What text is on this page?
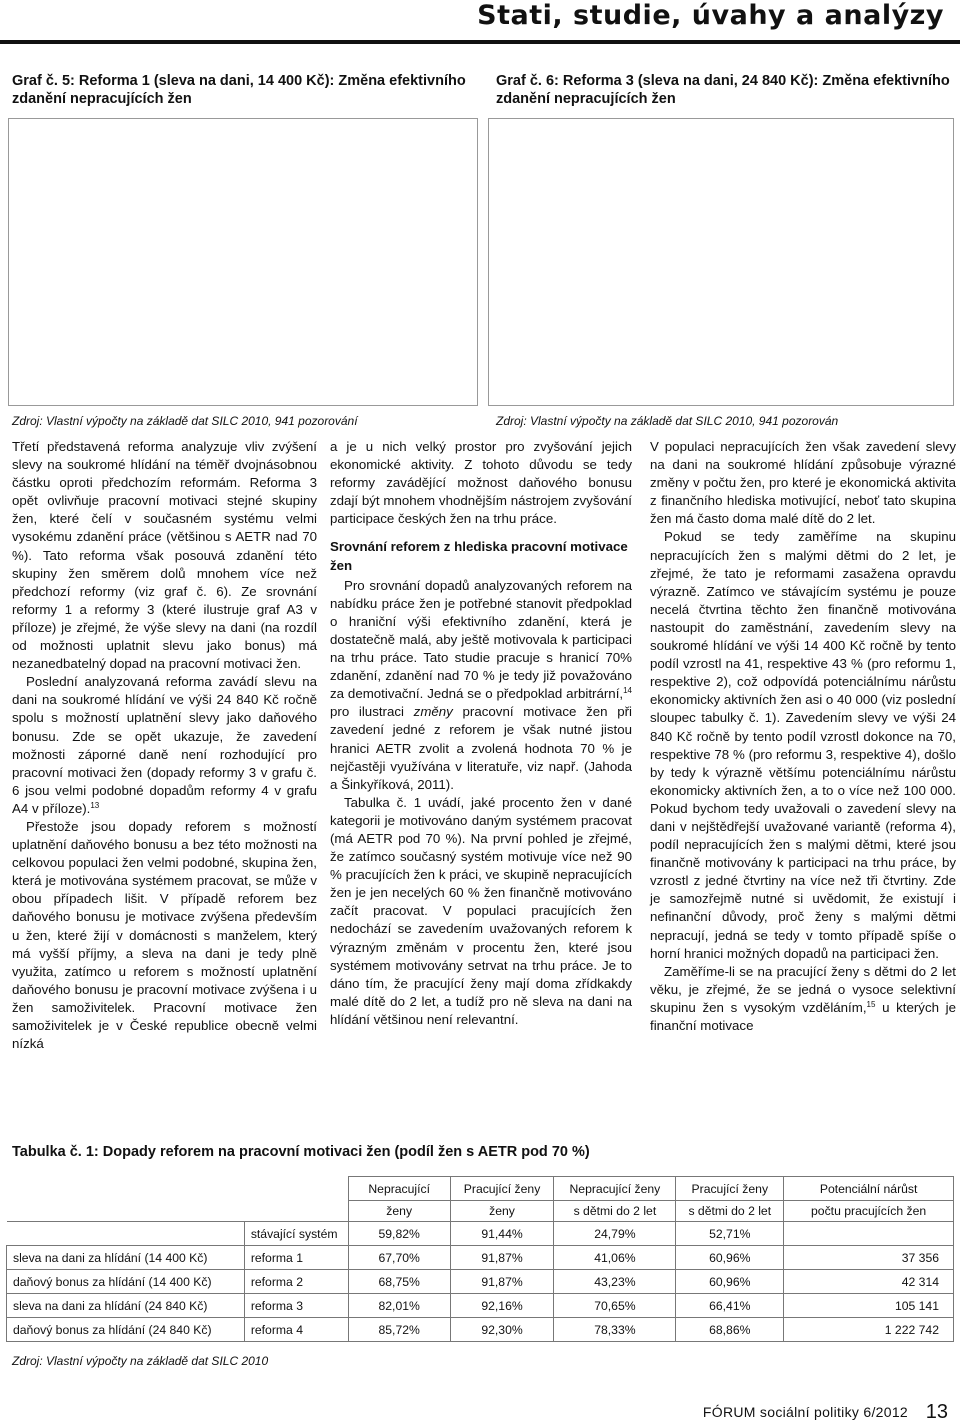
Stati, studie, úvahy a analýzy
Graf č. 5: Reforma 1 (sleva na dani, 14 400 Kč): Změna efektivního zdanění nepracujících žen
Graf č. 6: Reforma 3 (sleva na dani, 24 840 Kč): Změna efektivního zdanění nepracujících žen
Zdroj: Vlastní výpočty na základě dat SILC 2010, 941 pozorování	Zdroj: Vlastní výpočty na základě dat SILC 2010, 941 pozorován

Třetí představená reforma analyzuje vliv zvýšení slevy na soukromé hlídání na téměř dvojnásobnou částku oproti předchozím reformám. Reforma 3 opět ovlivňuje pracovní motivaci stejné skupiny žen, které čelí v současném systému velmi vysokému zdanění práce (většinou s AETR nad 70 %). Tato reforma však posouvá zdanění této skupiny žen směrem dolů mnohem více než předchozí reformy (viz graf č. 6). Ze srovnání reformy 1 a reformy 3 (které ilustruje graf A3 v příloze) je zřejmé, že výše slevy na dani (na rozdíl od možnosti uplatnit slevu jako bonus) má nezanedbatelný dopad na pracovní motivaci žen.

Poslední analyzovaná reforma zavádí slevu na dani na soukromé hlídání ve výši 24 840 Kč ročně spolu s možností uplatnění slevy jako daňového bonusu. Zde se opět ukazuje, že zavedení možnosti záporné daně není rozhodující pro pracovní motivaci žen (dopady reformy 3 v grafu č. 6 jsou velmi podobné dopadům reformy 4 v grafu A4 v příloze).$^{13}$

Přestože jsou dopady reforem s možností uplatnění daňového bonusu a bez této možnosti na celkovou populaci žen velmi podobné, skupina žen, která je motivována systémem pracovat, se může v obou případech lišit. V případě reforem bez daňového bonusu je motivace zvýšena především u žen, které žijí v domácnosti s manželem, který má vyšší příjmy, a sleva na dani je tedy plně využita, zatímco u reforem s možností uplatnění daňového bonusu je pracovní motivace zvýšena i u žen samoživitelek. Pracovní motivace žen samoživitelek je v České republice obecně velmi nízká

a je u nich velký prostor pro zvyšování jejich ekonomické aktivity. Z tohoto důvodu se tedy reformy zavádějící možnost daňového bonusu zdají být mnohem vhodnějším nástrojem zvyšování participace českých žen na trhu práce.

Srovnání reforem z hlediska pracovní motivace žen

Pro srovnání dopadů analyzovaných reforem na nabídku práce žen je potřebné stanovit předpoklad o hraniční výši efektivního zdanění, která je dostatečně malá, aby ještě motivovala k participaci na trhu práce. Tato studie pracuje s hranicí 70% zdanění, zdanění nad 70 % je tedy již považováno za demotivační. Jedná se o předpoklad arbitrární,$^{14}$ pro ilustraci změny pracovní motivace žen při zavedení jedné z reforem je však nutné jistou hranici AETR zvolit a zvolená hodnota 70 % je nejčastěji využívána v literatuře, viz např. (Jahoda a Šinkyříková, 2011).

Tabulka č. 1 uvádí, jaké procento žen v dané kategorii je motivováno daným systémem pracovat (má AETR pod 70 %). Na první pohled je zřejmé, že zatímco současný systém motivuje více než 90 % pracujících žen k práci, ve skupině nepracujících žen je jen necelých 60 % žen finančně motivováno začít pracovat. V populaci pracujících žen nedochází se zavedením uvažovaných reforem k výrazným změnám v procentu žen, které jsou systémem motivovány setrvat na trhu práce. Je to dáno tím, že pracující ženy mají doma zřídkakdy malé dítě do 2 let, a tudíž pro ně sleva na dani na hlídání většinou není relevantní.

V populaci nepracujících žen však zavedení slevy na dani na soukromé hlídání způsobuje výrazné změny v počtu žen, pro které je ekonomická aktivita z finančního hlediska motivující, neboť tato skupina žen má často doma malé dítě do 2 let.

Pokud se tedy zaměříme na skupinu nepracujících žen s malými dětmi do 2 let, je zřejmé, že tato je reformami zasažena opravdu výrazně. Zatímco ve stávajícím systému je pouze necelá čtvrtina těchto žen finančně motivována nastoupit do zaměstnání, zavedením slevy na soukromé hlídání ve výši 14 400 Kč ročně by tento podíl vzrostl na 41, respektive 43 % (pro reformu 1, respektive 2), což odpovídá potenciálnímu nárůstu ekonomicky aktivních žen asi o 40 000 (viz poslední sloupec tabulky č. 1). Zavedením slevy ve výši 24 840 Kč ročně by tento podíl vzrostl dokonce na 70, respektive 78 % (pro reformu 3, respektive 4), došlo by tedy k výrazně většímu potenciálnímu nárůstu ekonomicky aktivních žen, a to o více než 100 000. Pokud bychom tedy uvažovali o zavedení slevy na dani v nejštědřejší uvažované variantě (reforma 4), podíl nepracujících žen s malými dětmi, které jsou finančně motivovány k participaci na trhu práce, by vzrostl z jedné čtvrtiny na více než tři čtvrtiny. Zde je samozřejmě nutné si uvědomit, že existují i nefinanční důvody, proč ženy s malými dětmi nepracují, jedná se tedy v tomto případě spíše o horní hranici možných dopadů na participaci žen.

Zaměříme-li se na pracující ženy s dětmi do 2 let věku, je zřejmé, že se jedná o vysoce selektivní skupinu žen s vysokým vzděláním,$^{15}$ u kterých je finanční motivace

Tabulka č. 1: Dopady reforem na pracovní motivaci žen (podíl žen s AETR pod 70 %)
		Nepracující	Pracující ženy	Nepracující ženy	Pracující ženy	Potenciální nárůst
		ženy	ženy	s dětmi do 2 let	s dětmi do 2 let	počtu pracujících žen
	stávající systém	59,82%	91,44%	24,79%	52,71%	
sleva na dani za hlídání (14 400 Kč)	reforma 1	67,70%	91,87%	41,06%	60,96%	37 356
daňový bonus za hlídání (14 400 Kč)	reforma 2	68,75%	91,87%	43,23%	60,96%	42 314
sleva na dani za hlídání (24 840 Kč)	reforma 3	82,01%	92,16%	70,65%	66,41%	105 141
daňový bonus za hlídání (24 840 Kč)	reforma 4	85,72%	92,30%	78,33%	68,86%	1 222 742
Zdroj: Vlastní výpočty na základě dat SILC 2010
FÓRUM sociální politiky 6/2012 13
